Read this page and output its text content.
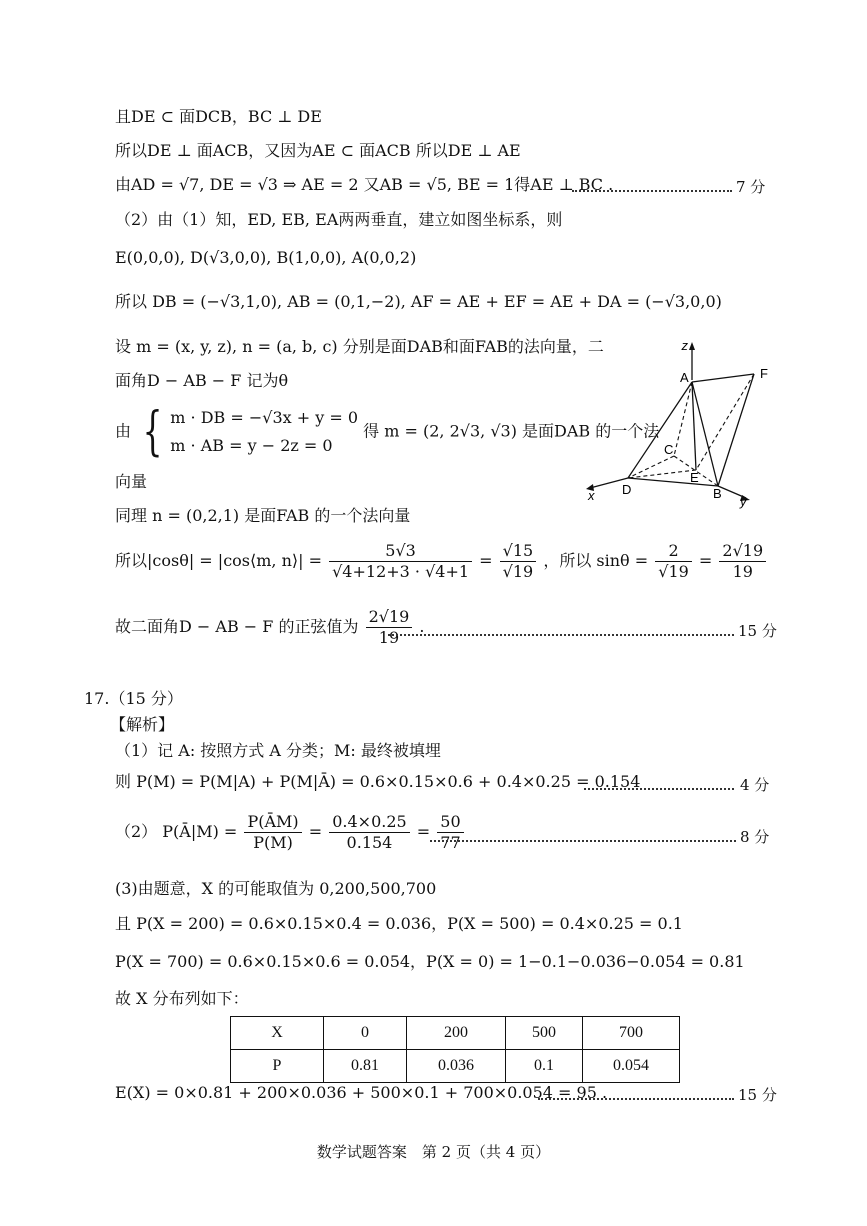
且DE ⊂ 面DCB，BC ⊥ DE
所以DE ⊥ 面ACB，又因为AE ⊂ 面ACB 所以DE ⊥ AE
由AD = √7, DE = √3 ⇒ AE = 2 又AB = √5, BE = 1得AE ⊥ BC .	7 分
（2）由（1）知，ED, EB, EA两两垂直，建立如图坐标系，则
E(0,0,0), D(√3,0,0), B(1,0,0), A(0,0,2)
所以 DB = (−√3,1,0), AB = (0,1,−2), AF = AE + EF = AE + DA = (−√3,0,0)
设 m = (x, y, z), n = (a, b, c) 分别是面DAB和面FAB的法向量，二
面角D − AB − F 记为θ
由 { m · DB = −√3x + y = 0
m · AB = y − 2z = 0
得 m = (2, 2√3, √3) 是面DAB 的一个法
向量
同理 n = (0,2,1) 是面FAB 的一个法向量
所以|cosθ| = |cos⟨m, n⟩| = $\frac{5√3}{√4+12+3 \cdot √4+1} = \frac{√15}{√19}$ ，所以 $\sin\theta = \frac{2}{√19} = \frac{2√19}{19}$
故二面角D − AB − F 的正弦值为 $\frac{2√19}{19}$ .	15 分
z
A	F
C
E
D	B
x	y
17.（15 分）
【解析】
（1）记 A: 按照方式 A 分类；M: 最终被填埋
则 P(M) = P(M|A) + P(M|Ā) = 0.6×0.15×0.6 + 0.4×0.25 = 0.154	4 分
（2） P(Ā|M) = $\frac{P(ĀM)}{P(M)} = \frac{0.4\times 0.25}{0.154} = \frac{50}{77}$	8 分
(3)由题意，X 的可能取值为 0,200,500,700
且 P(X = 200) = 0.6×0.15×0.4 = 0.036，P(X = 500) = 0.4×0.25 = 0.1
P(X = 700) = 0.6×0.15×0.6 = 0.054，P(X = 0) = 1−0.1−0.036−0.054 = 0.81
故 X 分布列如下：
X	0	200	500	700
P	0.81	0.036	0.1	0.054
E(X) = 0×0.81 + 200×0.036 + 500×0.1 + 700×0.054 = 95 .	15 分
数学试题答案　第 2 页（共 4 页）
